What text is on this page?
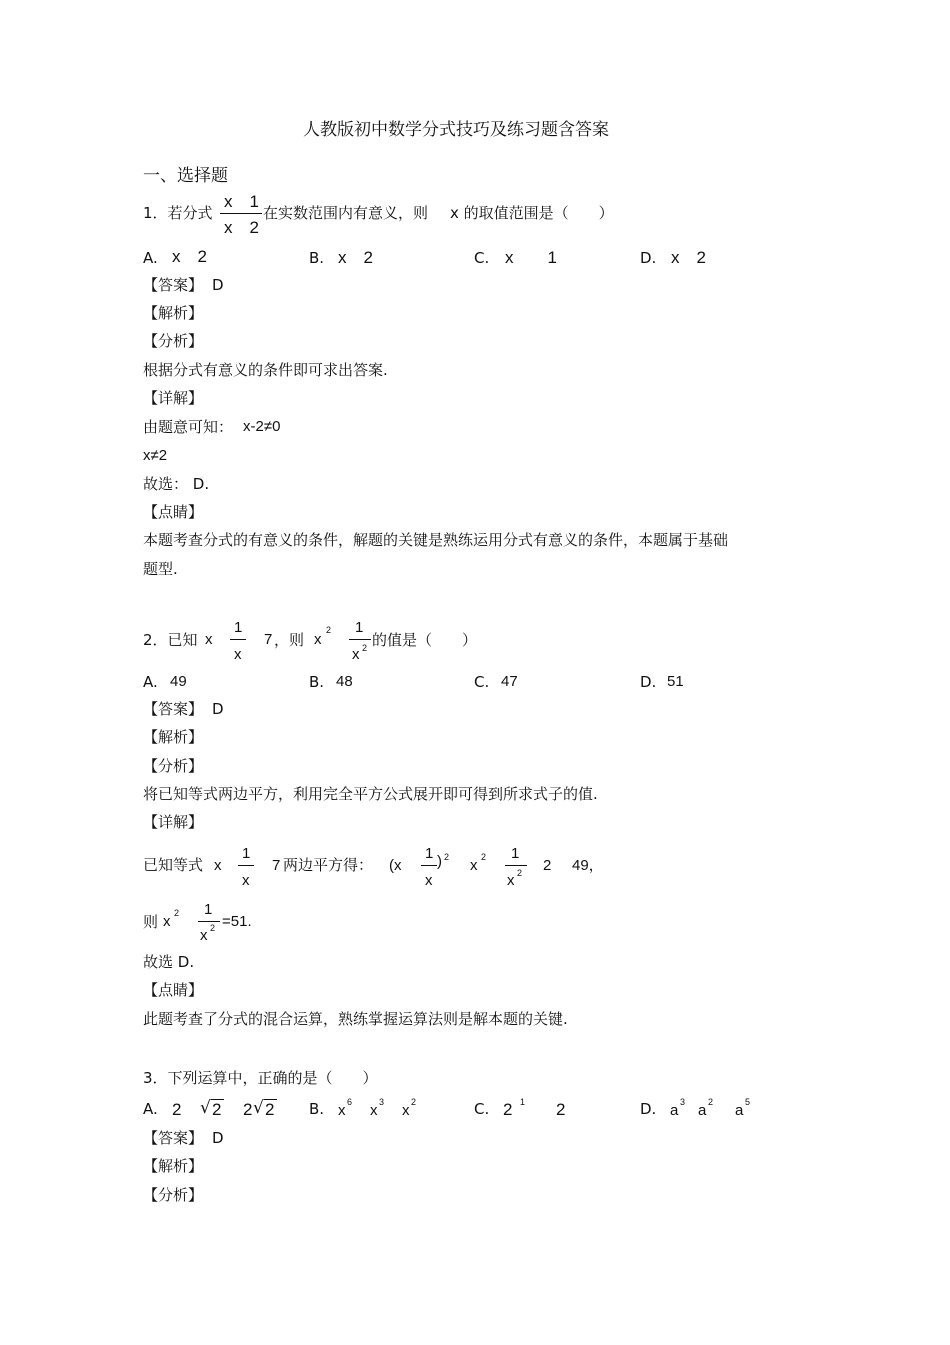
人教版初中数学分式技巧及练习题含答案
一、选择题
1．若分式
x　1
x　2
在实数范围内有意义，则 x 的取值范围是（　　）
A. x　2	B. x　2	C. x　　1	D. x　2
【答案】 D
【解析】
【分析】
根据分式有意义的条件即可求出答案.
【详解】
由题意可知： x-2≠0
x≠2
故选： D.
【点睛】
本题考查分式的有意义的条件，解题的关键是熟练运用分式有意义的条件，本题属于基础
题型.
2．已知 x
1
x
7 ，则 x
2 1
x 2 的值是（　　）
A. 49	B. 48	C. 47	D. 51
【答案】 D
【解析】
【分析】
将已知等式两边平方，利用完全平方公式展开即可得到所求式子的值.
【详解】
已知等式 x
1
x
7 两边平方得： (x
1
x
) 2 x 2 1
x 2 2 49，
则 x 2 1
x 2 =51.
故选 D.
【点睛】
此题考查了分式的混合运算，熟练掌握运算法则是解本题的关键.
3．下列运算中，正确的是（　　）
A. 2 √ 2 2 √ 2 B. x 6 x 3 x 2	C. 2 1 2	D. a 3 a 2 a 5
【答案】 D
【解析】
【分析】
